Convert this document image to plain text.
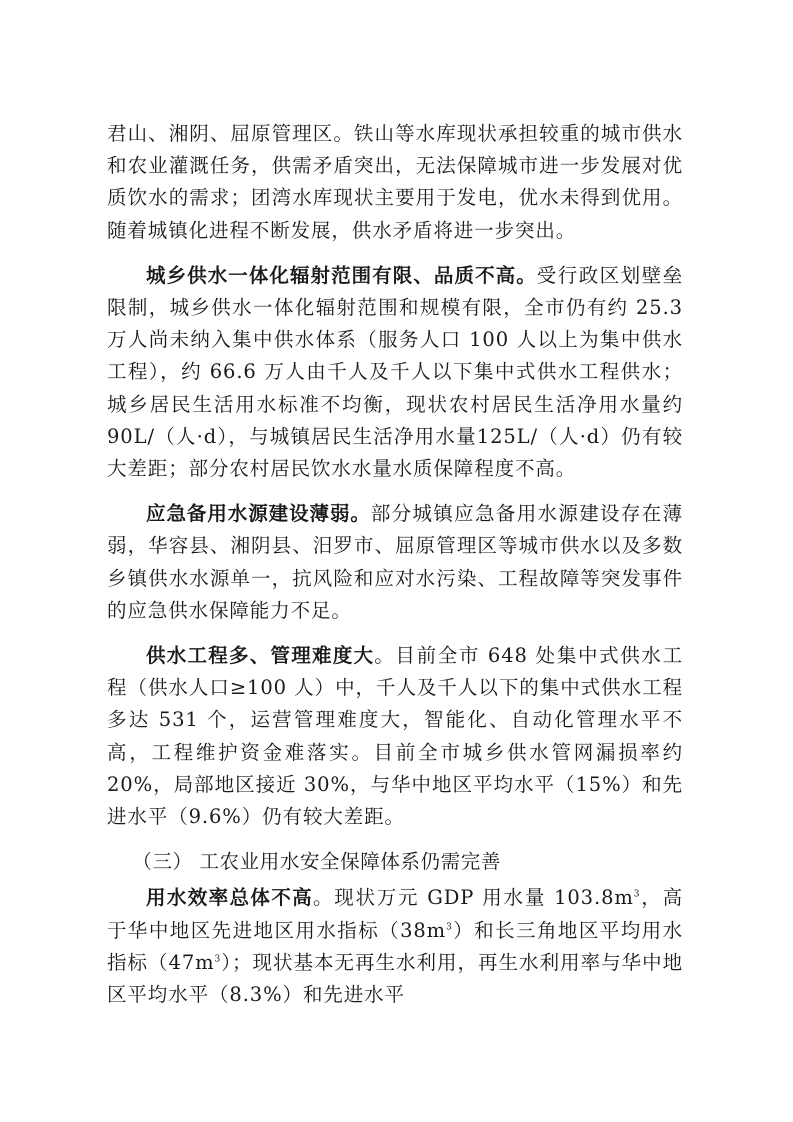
君山、湘阴、屈原管理区。铁山等水库现状承担较重的城市供水和农业灌溉任务，供需矛盾突出，无法保障城市进一步发展对优质饮水的需求；团湾水库现状主要用于发电，优水未得到优用。随着城镇化进程不断发展，供水矛盾将进一步突出。

城乡供水一体化辐射范围有限、品质不高。受行政区划壁垒限制，城乡供水一体化辐射范围和规模有限，全市仍有约 25.3 万人尚未纳入集中供水体系（服务人口 100 人以上为集中供水工程），约 66.6 万人由千人及千人以下集中式供水工程供水；城乡居民生活用水标准不均衡，现状农村居民生活净用水量约 90L/（人·d），与城镇居民生活净用水量125L/（人·d）仍有较大差距；部分农村居民饮水水量水质保障程度不高。

应急备用水源建设薄弱。部分城镇应急备用水源建设存在薄弱，华容县、湘阴县、汨罗市、屈原管理区等城市供水以及多数乡镇供水水源单一，抗风险和应对水污染、工程故障等突发事件的应急供水保障能力不足。

供水工程多、管理难度大。目前全市 648 处集中式供水工程（供水人口≥100 人）中，千人及千人以下的集中式供水工程多达 531 个，运营管理难度大，智能化、自动化管理水平不高，工程维护资金难落实。目前全市城乡供水管网漏损率约 20%，局部地区接近 30%，与华中地区平均水平（15%）和先进水平（9.6%）仍有较大差距。

（三） 工农业用水安全保障体系仍需完善

用水效率总体不高。现状万元 GDP 用水量 $103.8m^3$，高于华中地区先进地区用水指标$(38m^3)$和长三角地区平均用水指标$(47m^3)$；现状基本无再生水利用，再生水利用率与华中地区平均水平（8.3%）和先进水平
